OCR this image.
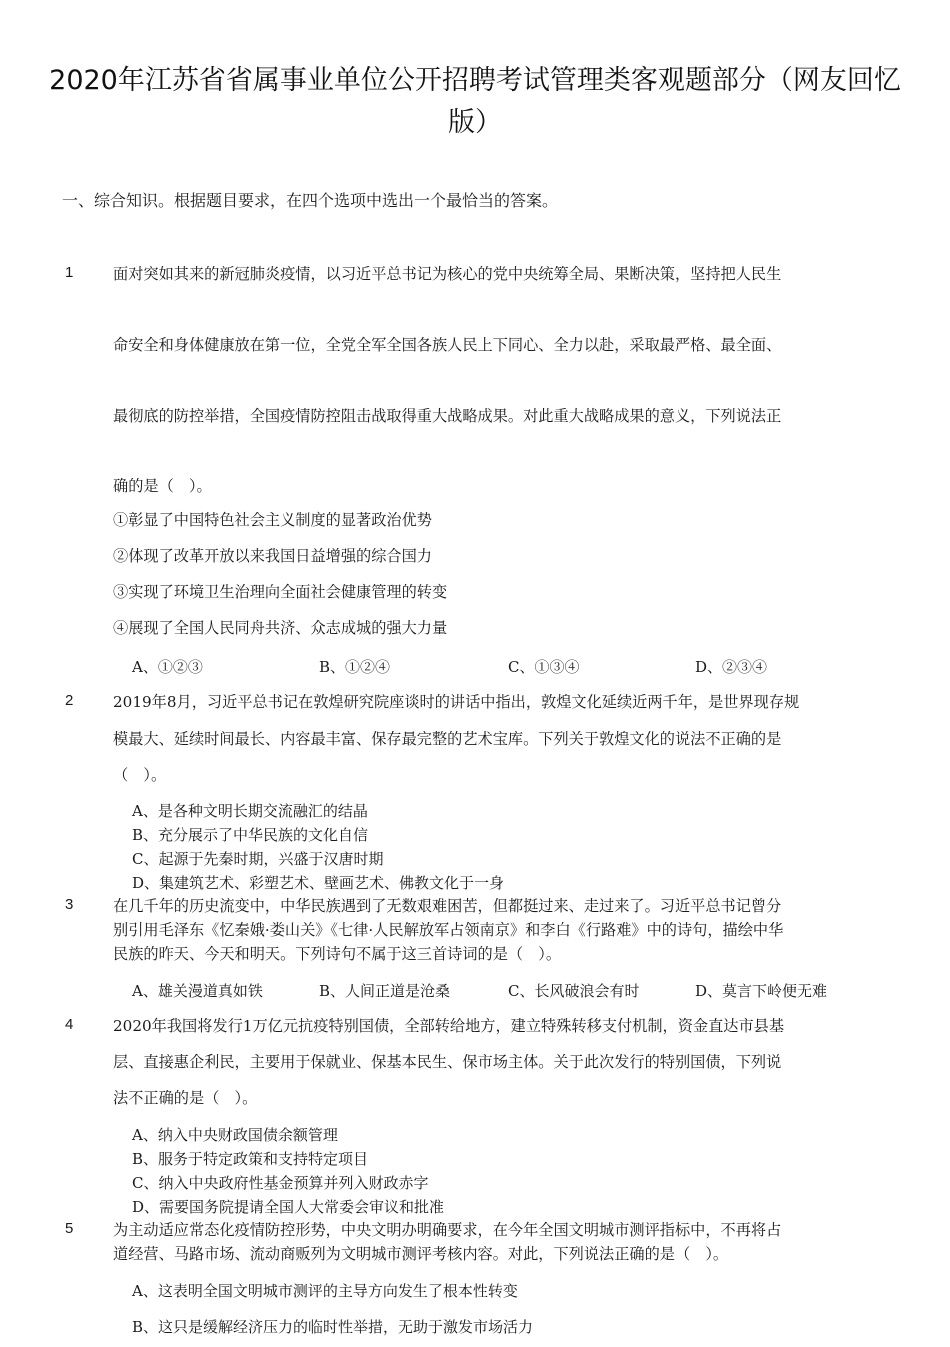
2020年江苏省省属事业单位公开招聘考试管理类客观题部分（网友回忆版）
一、综合知识。根据题目要求，在四个选项中选出一个最恰当的答案。
1	面对突如其来的新冠肺炎疫情，以习近平总书记为核心的党中央统筹全局、果断决策，坚持把人民生
命安全和身体健康放在第一位，全党全军全国各族人民上下同心、全力以赴，采取最严格、最全面、
最彻底的防控举措，全国疫情防控阻击战取得重大战略成果。对此重大战略成果的意义，下列说法正
确的是（　）。
①彰显了中国特色社会主义制度的显著政治优势
②体现了改革开放以来我国日益增强的综合国力
③实现了环境卫生治理向全面社会健康管理的转变
④展现了全国人民同舟共济、众志成城的强大力量
A、①②③	B、①②④	C、①③④	D、②③④
2	2019年8月，习近平总书记在敦煌研究院座谈时的讲话中指出，敦煌文化延续近两千年，是世界现存规
模最大、延续时间最长、内容最丰富、保存最完整的艺术宝库。下列关于敦煌文化的说法不正确的是
（　）。
A、是各种文明长期交流融汇的结晶
B、充分展示了中华民族的文化自信
C、起源于先秦时期，兴盛于汉唐时期
D、集建筑艺术、彩塑艺术、壁画艺术、佛教文化于一身
3	在几千年的历史流变中，中华民族遇到了无数艰难困苦，但都挺过来、走过来了。习近平总书记曾分
别引用毛泽东《忆秦娥·娄山关》《七律·人民解放军占领南京》和李白《行路难》中的诗句，描绘中华
民族的昨天、今天和明天。下列诗句不属于这三首诗词的是（　）。
A、雄关漫道真如铁	B、人间正道是沧桑	C、长风破浪会有时	D、莫言下岭便无难
4	2020年我国将发行1万亿元抗疫特别国债，全部转给地方，建立特殊转移支付机制，资金直达市县基
层、直接惠企利民，主要用于保就业、保基本民生、保市场主体。关于此次发行的特别国债，下列说
法不正确的是（　）。
A、纳入中央财政国债余额管理
B、服务于特定政策和支持特定项目
C、纳入中央政府性基金预算并列入财政赤字
D、需要国务院提请全国人大常委会审议和批准
5	为主动适应常态化疫情防控形势，中央文明办明确要求，在今年全国文明城市测评指标中，不再将占
道经营、马路市场、流动商贩列为文明城市测评考核内容。对此，下列说法正确的是（　）。
A、这表明全国文明城市测评的主导方向发生了根本性转变
B、这只是缓解经济压力的临时性举措，无助于激发市场活力
